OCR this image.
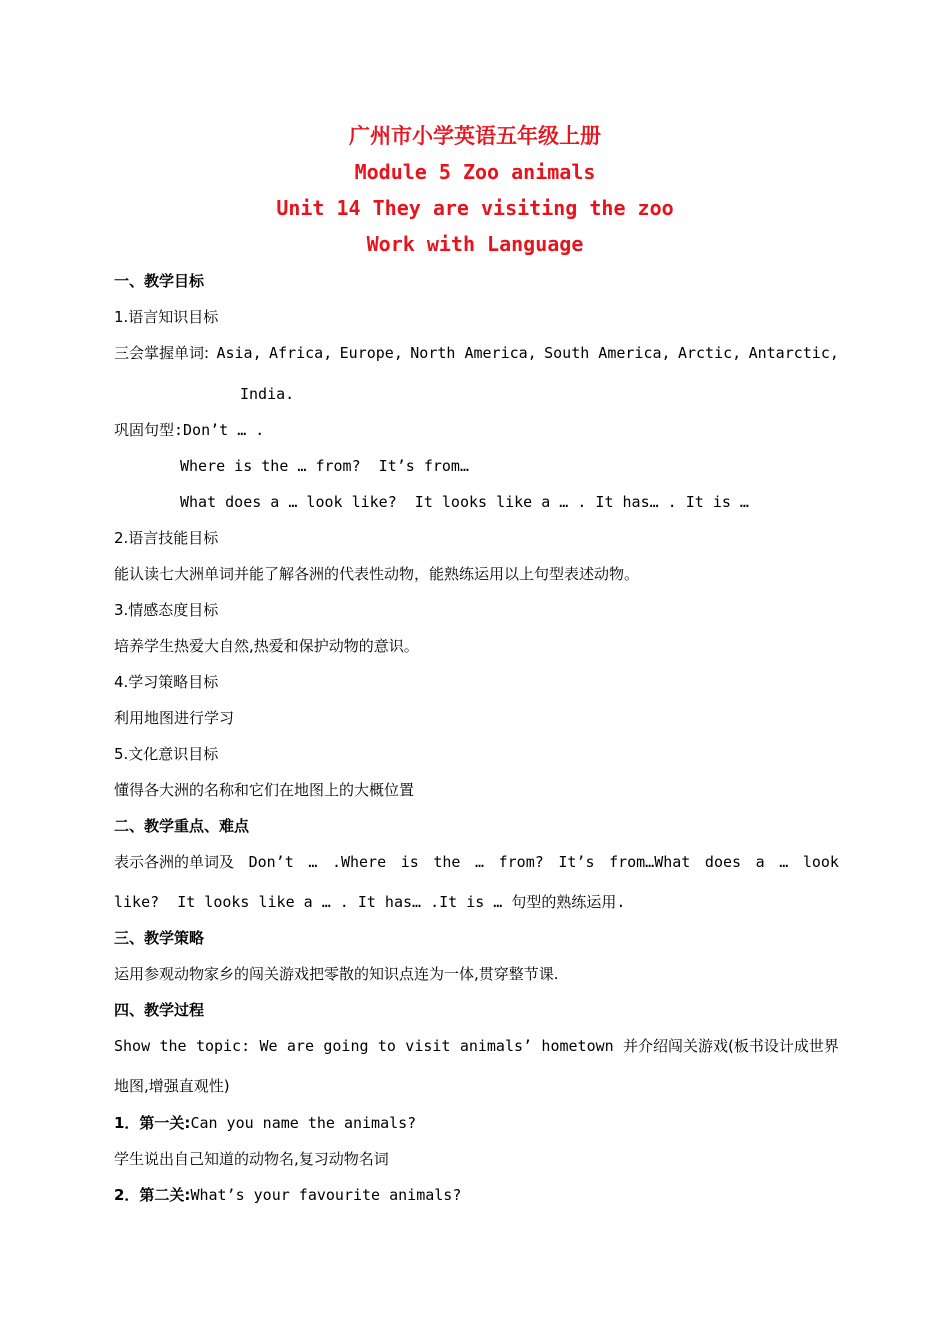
广州市小学英语五年级上册
Module 5 Zoo animals
Unit 14 They are visiting the zoo
Work with Language
一、教学目标
1.语言知识目标
三会掌握单词: Asia, Africa, Europe, North America, South America, Arctic, Antarctic,
India.
巩固句型:Don’t … .
Where is the … from?  It’s from…
What does a … look like?  It looks like a … . It has… . It is …
2.语言技能目标
能认读七大洲单词并能了解各洲的代表性动物，能熟练运用以上句型表述动物。
3.情感态度目标
培养学生热爱大自然,热爱和保护动物的意识。
4.学习策略目标
利用地图进行学习
5.文化意识目标
懂得各大洲的名称和它们在地图上的大概位置
二、教学重点、难点
表示各洲的单词及 Don’t … .Where is the … from? It’s from…What does a … look
like?  It looks like a … . It has… .It is … 句型的熟练运用.
三、教学策略
运用参观动物家乡的闯关游戏把零散的知识点连为一体,贯穿整节课.
四、教学过程
Show the topic: We are going to visit animals’ hometown 并介绍闯关游戏(板书设计成世界
地图,增强直观性)
1．第一关:Can you name the animals?
学生说出自己知道的动物名,复习动物名词
2．第二关:What’s your favourite animals?
